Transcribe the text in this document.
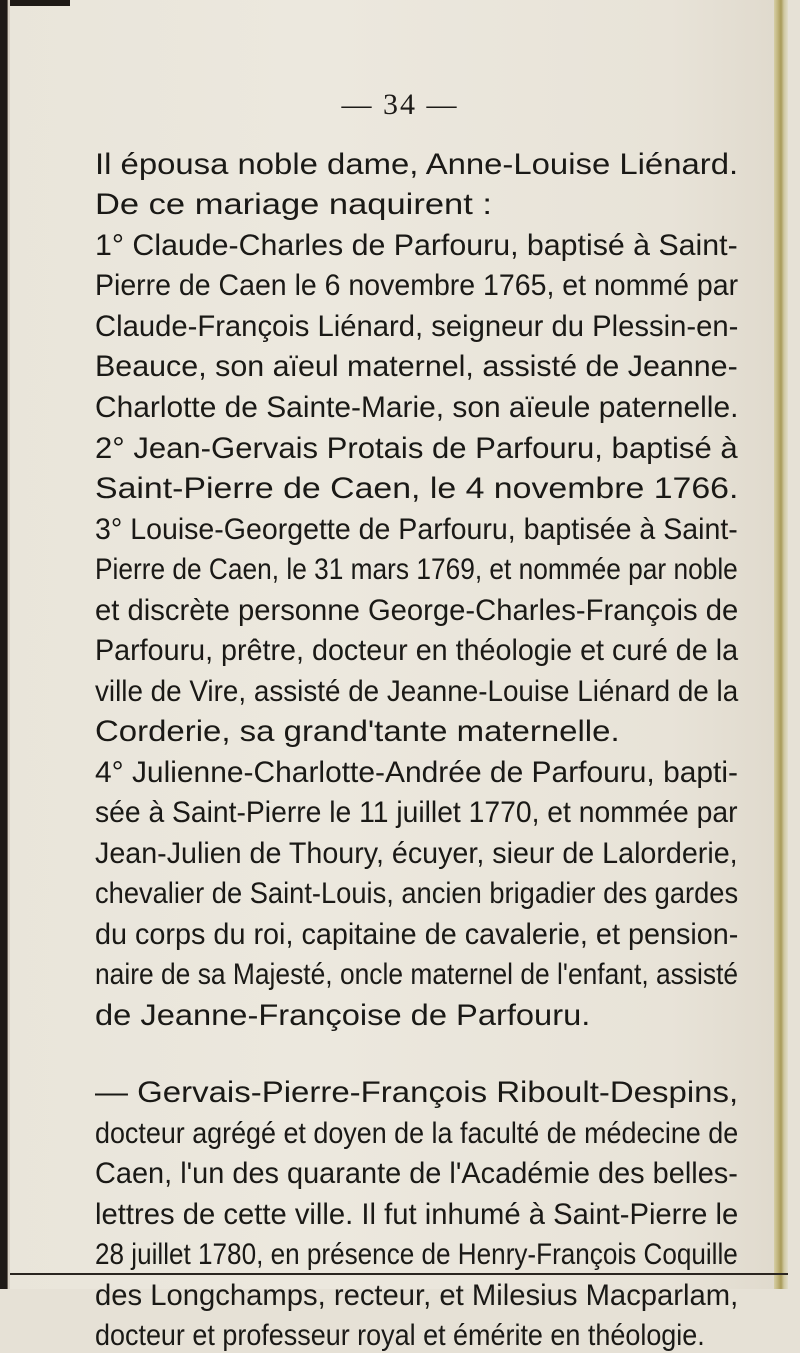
— 34 —
Il épousa noble dame, Anne-Louise Liénard.
De ce mariage naquirent :
1° Claude-Charles de Parfouru, baptisé à Saint-
Pierre de Caen le 6 novembre 1765, et nommé par
Claude-François Liénard, seigneur du Plessin-en-
Beauce, son aïeul maternel, assisté de Jeanne-
Charlotte de Sainte-Marie, son aïeule paternelle.
2° Jean-Gervais Protais de Parfouru, baptisé à
Saint-Pierre de Caen, le 4 novembre 1766.
3° Louise-Georgette de Parfouru, baptisée à Saint-
Pierre de Caen, le 31 mars 1769, et nommée par noble
et discrète personne George-Charles-François de
Parfouru, prêtre, docteur en théologie et curé de la
ville de Vire, assisté de Jeanne-Louise Liénard de la
Corderie, sa grand'tante maternelle.
4° Julienne-Charlotte-Andrée de Parfouru, bapti-
sée à Saint-Pierre le 11 juillet 1770, et nommée par
Jean-Julien de Thoury, écuyer, sieur de Lalorderie,
chevalier de Saint-Louis, ancien brigadier des gardes
du corps du roi, capitaine de cavalerie, et pension-
naire de sa Majesté, oncle maternel de l'enfant, assisté
de Jeanne-Françoise de Parfouru.
— Gervais-Pierre-François Riboult-Despins,
docteur agrégé et doyen de la faculté de médecine de
Caen, l'un des quarante de l'Académie des belles-
lettres de cette ville. Il fut inhumé à Saint-Pierre le
28 juillet 1780, en présence de Henry-François Coquille
des Longchamps, recteur, et Milesius Macparlam,
docteur et professeur royal et émérite en théologie.
